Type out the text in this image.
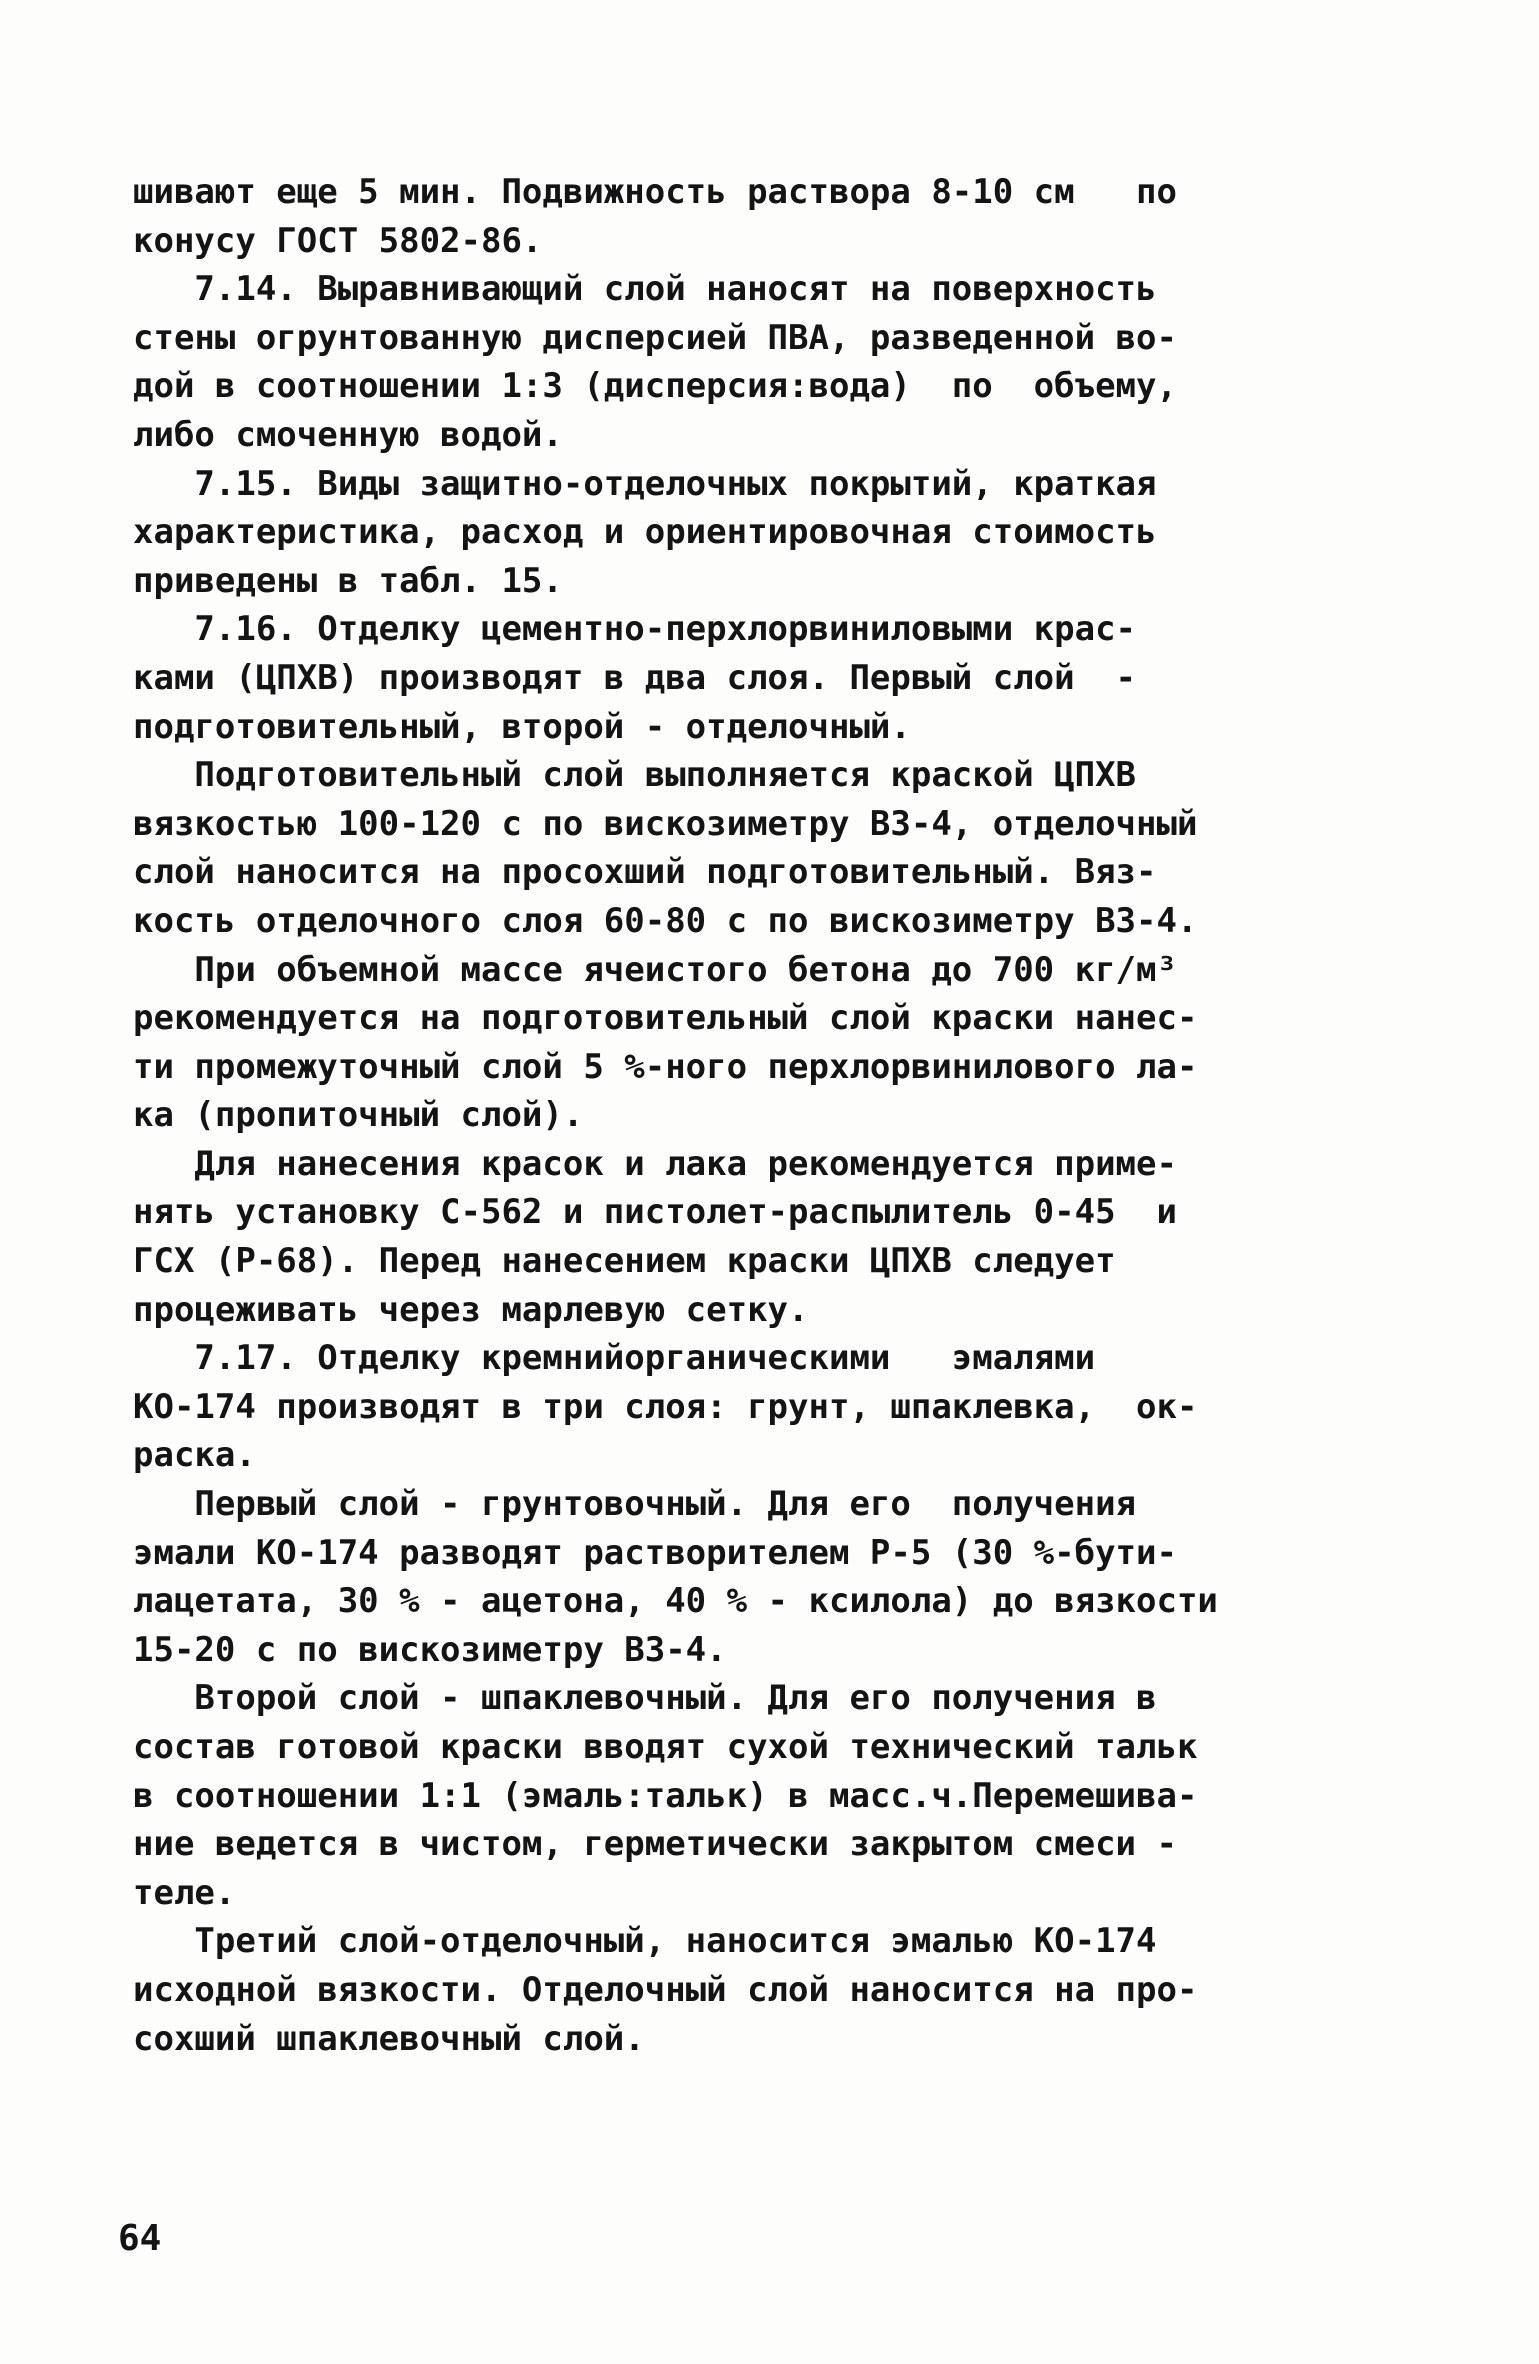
шивают еще 5 мин. Подвижность раствора 8-10 см   по
конусу ГОСТ 5802-86.
7.14. Выравнивающий слой наносят на поверхность
стены огрунтованную дисперсией ПВА, разведенной во-
дой в соотношении 1:3 (дисперсия:вода)  по  объему,
либо смоченную водой.
7.15. Виды защитно-отделочных покрытий, краткая
характеристика, расход и ориентировочная стоимость
приведены в табл. 15.
7.16. Отделку цементно-перхлорвиниловыми крас-
ками (ЦПХВ) производят в два слоя. Первый слой  -
подготовительный, второй - отделочный.
Подготовительный слой выполняется краской ЦПХВ
вязкостью 100-120 с по вискозиметру ВЗ-4, отделочный
слой наносится на просохший подготовительный. Вяз-
кость отделочного слоя 60-80 с по вискозиметру ВЗ-4.
При объемной массе ячеистого бетона до 700 кг/м³
рекомендуется на подготовительный слой краски нанес-
ти промежуточный слой 5 %-ного перхлорвинилового ла-
ка (пропиточный слой).
Для нанесения красок и лака рекомендуется приме-
нять установку С-562 и пистолет-распылитель 0-45  и
ГСХ (Р-68). Перед нанесением краски ЦПХВ следует
процеживать через марлевую сетку.
7.17. Отделку кремнийорганическими   эмалями
КО-174 производят в три слоя: грунт, шпаклевка,  ок-
раска.
Первый слой - грунтовочный. Для его  получения
эмали КО-174 разводят растворителем Р-5 (30 %-бути-
лацетата, 30 % - ацетона, 40 % - ксилола) до вязкости
15-20 с по вискозиметру ВЗ-4.
Второй слой - шпаклевочный. Для его получения в
состав готовой краски вводят сухой технический тальк
в соотношении 1:1 (эмаль:тальк) в масс.ч.Перемешива-
ние ведется в чистом, герметически закрытом смеси -
теле.
Третий слой-отделочный, наносится эмалью КО-174
исходной вязкости. Отделочный слой наносится на про-
сохший шпаклевочный слой.
64
